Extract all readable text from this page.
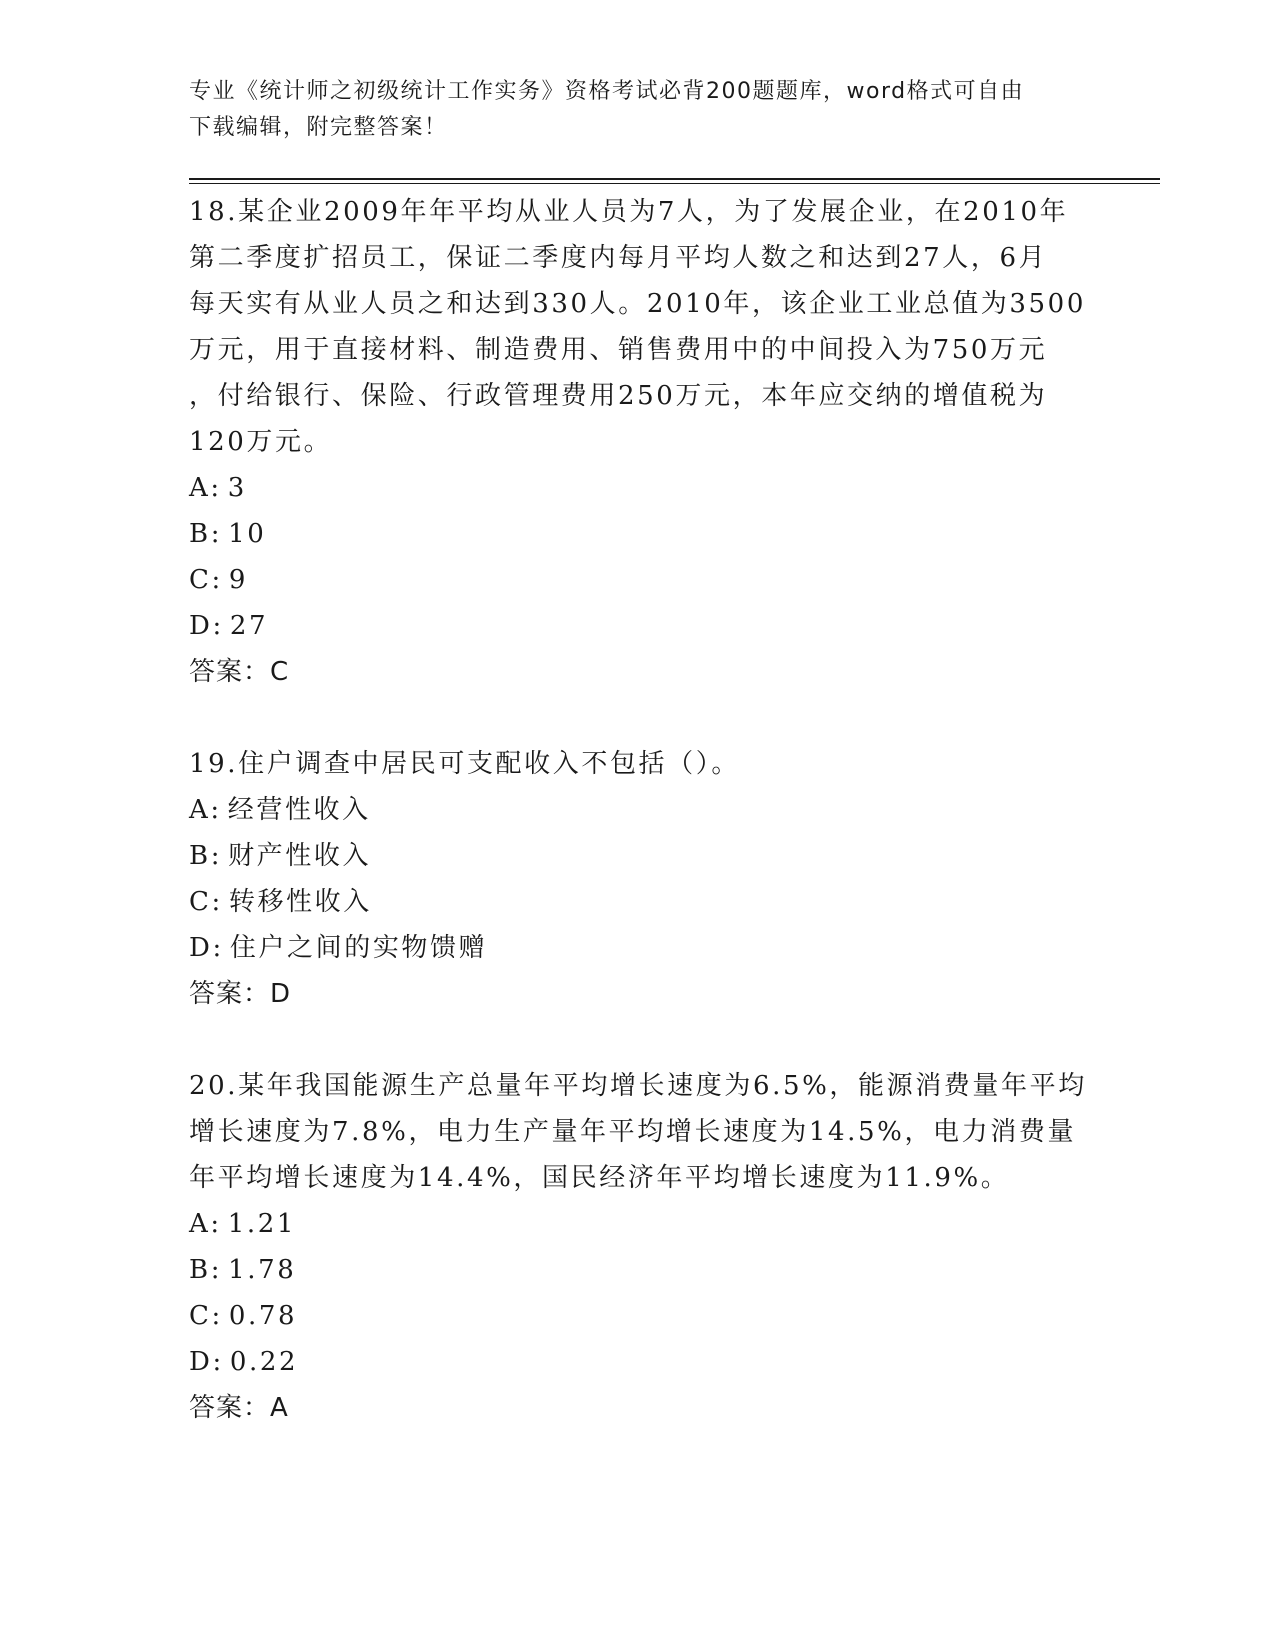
专业《统计师之初级统计工作实务》资格考试必背200题题库，word格式可自由
下载编辑，附完整答案！
18.某企业2009年年平均从业人员为7人，为了发展企业，在2010年
第二季度扩招员工，保证二季度内每月平均人数之和达到27人，6月
每天实有从业人员之和达到330人。2010年，该企业工业总值为3500
万元，用于直接材料、制造费用、销售费用中的中间投入为750万元
，付给银行、保险、行政管理费用250万元，本年应交纳的增值税为
120万元。
A: 3
B: 10
C: 9
D: 27
答案：C
19.住户调查中居民可支配收入不包括（）。
A: 经营性收入
B: 财产性收入
C: 转移性收入
D: 住户之间的实物馈赠
答案：D
20.某年我国能源生产总量年平均增长速度为6.5%，能源消费量年平均
增长速度为7.8%，电力生产量年平均增长速度为14.5%，电力消费量
年平均增长速度为14.4%，国民经济年平均增长速度为11.9%。
A: 1.21
B: 1.78
C: 0.78
D: 0.22
答案：A
